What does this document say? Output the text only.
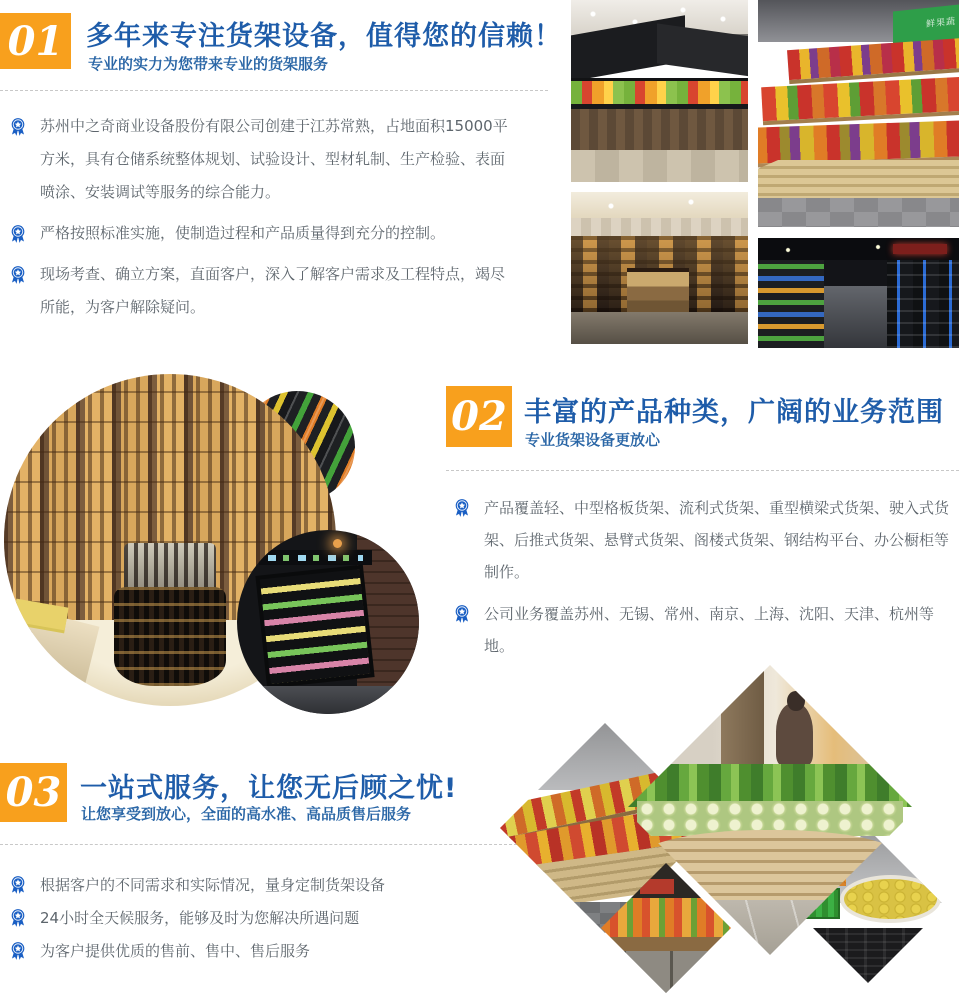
01 多年来专注货架设备，值得您的信赖！
专业的实力为您带来专业的货架服务

苏州中之奇商业设备股份有限公司创建于江苏常熟，占地面积15000平方米，具有仓储系统整体规划、试验设计、型材轧制、生产检验、表面喷涂、安装调试等服务的综合能力。

严格按照标准实施，使制造过程和产品质量得到充分的控制。

现场考查、确立方案，直面客户，深入了解客户需求及工程特点，竭尽所能，为客户解除疑问。

鲜果蔬
02 丰富的产品种类，广阔的业务范围
专业货架设备更放心

产品覆盖轻、中型格板货架、流利式货架、重型横梁式货架、驶入式货架、后推式货架、悬臂式货架、阁楼式货架、钢结构平台、办公橱柜等制作。

公司业务覆盖苏州、无锡、常州、南京、上海、沈阳、天津、杭州等地。

03 一站式服务，让您无后顾之忧!
让您享受到放心，全面的高水准、高品质售后服务

根据客户的不同需求和实际情况，量身定制货架设备

24小时全天候服务，能够及时为您解决所遇问题

为客户提供优质的售前、售中、售后服务
